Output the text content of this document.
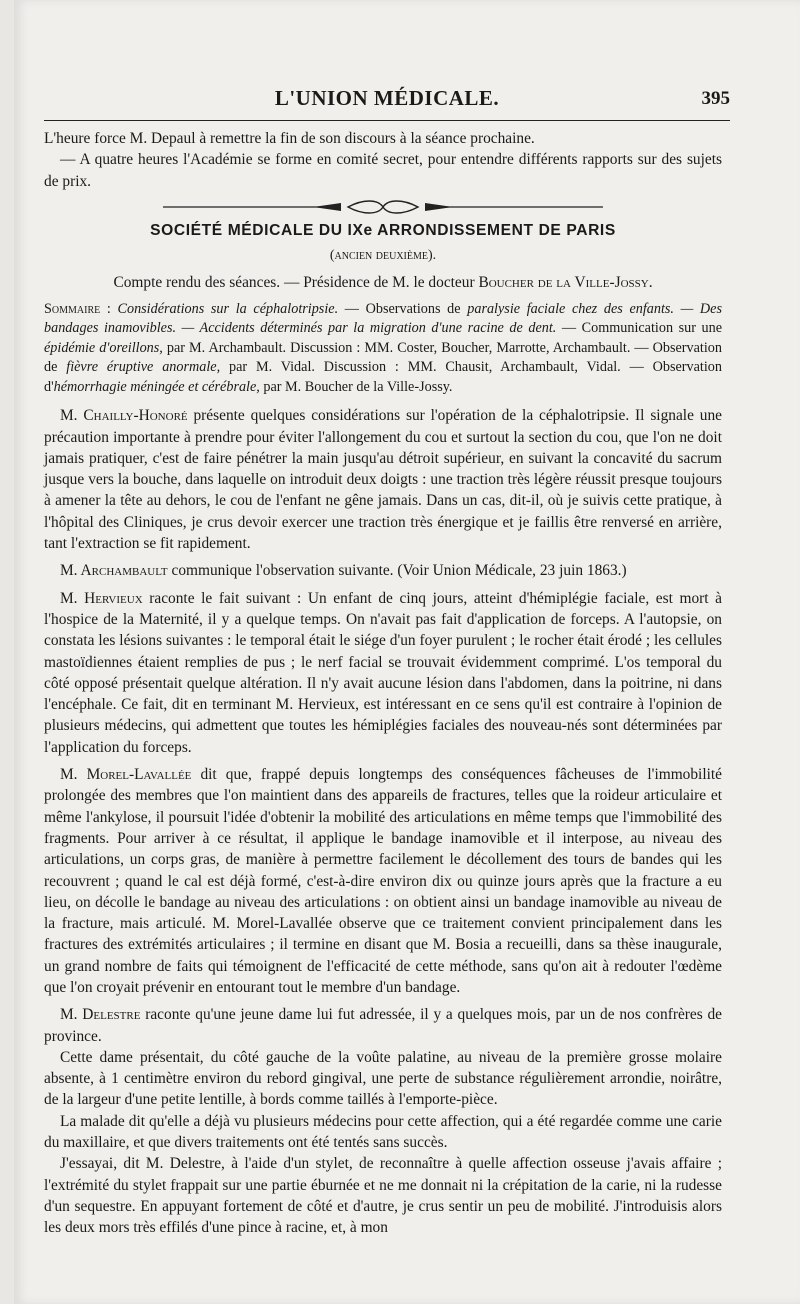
L'UNION MÉDICALE.	395

L'heure force M. Depaul à remettre la fin de son discours à la séance prochaine.

— A quatre heures l'Académie se forme en comité secret, pour entendre différents rapports sur des sujets de prix.

SOCIÉTÉ MÉDICALE DU IXe ARRONDISSEMENT DE PARIS
(ancien deuxième).
Compte rendu des séances. — Présidence de M. le docteur Boucher de la Ville-Jossy.

Sommaire : Considérations sur la céphalotripsie. — Observations de paralysie faciale chez des enfants. — Des bandages inamovibles. — Accidents déterminés par la migration d'une racine de dent. — Communication sur une épidémie d'oreillons, par M. Archambault. Discussion : MM. Coster, Boucher, Marrotte, Archambault. — Observation de fièvre éruptive anormale, par M. Vidal. Discussion : MM. Chausit, Archambault, Vidal. — Observation d'hémorrhagie méningée et cérébrale, par M. Boucher de la Ville-Jossy.

M. Chailly-Honoré présente quelques considérations sur l'opération de la céphalotripsie. Il signale une précaution importante à prendre pour éviter l'allongement du cou et surtout la section du cou, que l'on ne doit jamais pratiquer, c'est de faire pénétrer la main jusqu'au détroit supérieur, en suivant la concavité du sacrum jusque vers la bouche, dans laquelle on introduit deux doigts : une traction très légère réussit presque toujours à amener la tête au dehors, le cou de l'enfant ne gêne jamais. Dans un cas, dit-il, où je suivis cette pratique, à l'hôpital des Cliniques, je crus devoir exercer une traction très énergique et je faillis être renversé en arrière, tant l'extraction se fit rapidement.

M. Archambault communique l'observation suivante. (Voir Union Médicale, 23 juin 1863.)

M. Hervieux raconte le fait suivant : Un enfant de cinq jours, atteint d'hémiplégie faciale, est mort à l'hospice de la Maternité, il y a quelque temps. On n'avait pas fait d'application de forceps. A l'autopsie, on constata les lésions suivantes : le temporal était le siége d'un foyer purulent ; le rocher était érodé ; les cellules mastoïdiennes étaient remplies de pus ; le nerf facial se trouvait évidemment comprimé. L'os temporal du côté opposé présentait quelque altération. Il n'y avait aucune lésion dans l'abdomen, dans la poitrine, ni dans l'encéphale. Ce fait, dit en terminant M. Hervieux, est intéressant en ce sens qu'il est contraire à l'opinion de plusieurs médecins, qui admettent que toutes les hémiplégies faciales des nouveau-nés sont déterminées par l'application du forceps.

M. Morel-Lavallée dit que, frappé depuis longtemps des conséquences fâcheuses de l'immobilité prolongée des membres que l'on maintient dans des appareils de fractures, telles que la roideur articulaire et même l'ankylose, il poursuit l'idée d'obtenir la mobilité des articulations en même temps que l'immobilité des fragments. Pour arriver à ce résultat, il applique le bandage inamovible et il interpose, au niveau des articulations, un corps gras, de manière à permettre facilement le décollement des tours de bandes qui les recouvrent ; quand le cal est déjà formé, c'est-à-dire environ dix ou quinze jours après que la fracture a eu lieu, on décolle le bandage au niveau des articulations : on obtient ainsi un bandage inamovible au niveau de la fracture, mais articulé. M. Morel-Lavallée observe que ce traitement convient principalement dans les fractures des extrémités articulaires ; il termine en disant que M. Bosia a recueilli, dans sa thèse inaugurale, un grand nombre de faits qui témoignent de l'efficacité de cette méthode, sans qu'on ait à redouter l'œdème que l'on croyait prévenir en entourant tout le membre d'un bandage.

M. Delestre raconte qu'une jeune dame lui fut adressée, il y a quelques mois, par un de nos confrères de province.

Cette dame présentait, du côté gauche de la voûte palatine, au niveau de la première grosse molaire absente, à 1 centimètre environ du rebord gingival, une perte de substance régulièrement arrondie, noirâtre, de la largeur d'une petite lentille, à bords comme taillés à l'emporte-pièce.

La malade dit qu'elle a déjà vu plusieurs médecins pour cette affection, qui a été regardée comme une carie du maxillaire, et que divers traitements ont été tentés sans succès.

J'essayai, dit M. Delestre, à l'aide d'un stylet, de reconnaître à quelle affection osseuse j'avais affaire ; l'extrémité du stylet frappait sur une partie éburnée et ne me donnait ni la crépitation de la carie, ni la rudesse d'un sequestre. En appuyant fortement de côté et d'autre, je crus sentir un peu de mobilité. J'introduisis alors les deux mors très effilés d'une pince à racine, et, à mon
